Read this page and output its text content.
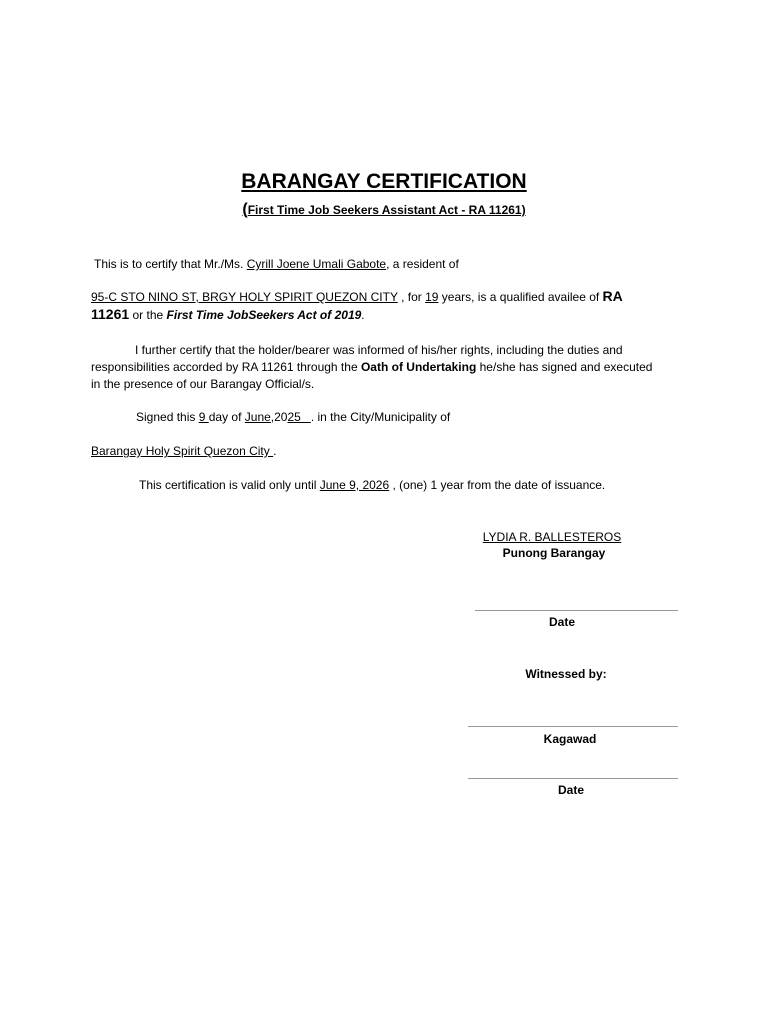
BARANGAY CERTIFICATION
(First Time Job Seekers Assistant Act - RA 11261)
This is to certify that Mr./Ms. Cyrill Joene Umali Gabote, a resident of
95-C STO NINO ST, BRGY HOLY SPIRIT QUEZON CITY , for 19 years, is a qualified availee of RA 11261 or the First Time JobSeekers Act of 2019.
I further certify that the holder/bearer was informed of his/her rights, including the duties and responsibilities accorded by RA 11261 through the Oath of Undertaking he/she has signed and executed in the presence of our Barangay Official/s.
Signed this 9 day of June,2025   . in the City/Municipality of
Barangay Holy Spirit Quezon City .
This certification is valid only until June 9, 2026 , (one) 1 year from the date of issuance.
LYDIA R. BALLESTEROS
Punong Barangay
Date
Witnessed by:
Kagawad
Date
